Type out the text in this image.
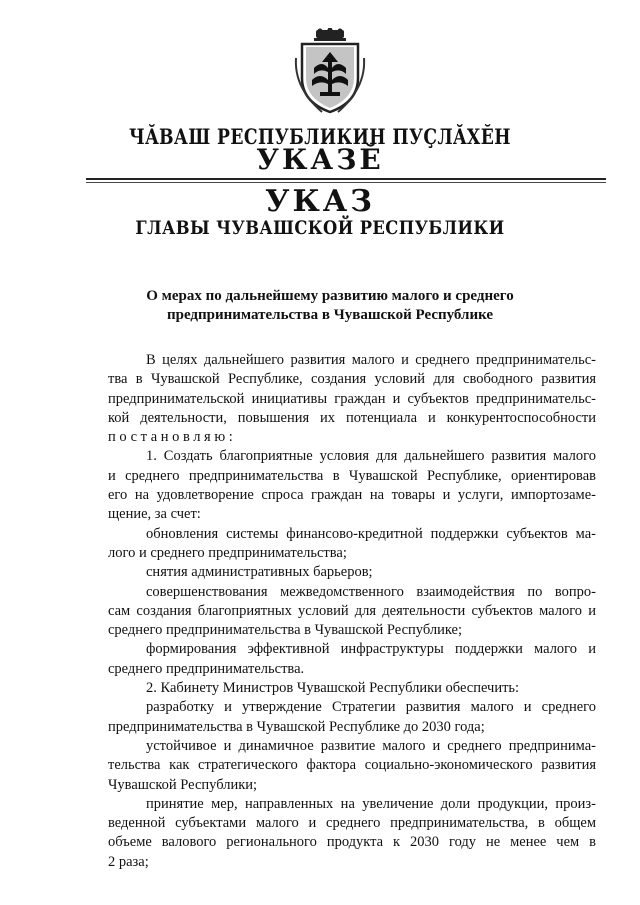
ЧĂВАШ РЕСПУБЛИКИН ПУÇЛĂХĔН
УКАЗĔ
УКАЗ
ГЛАВЫ ЧУВАШСКОЙ РЕСПУБЛИКИ
О мерах по дальнейшему развитию малого и среднего
предпринимательства в Чувашской Республике
В целях дальнейшего развития малого и среднего предпринимательс-
тва в Чувашской Республике, создания условий для свободного развития
предпринимательской инициативы граждан и субъектов предпринимательс-
кой деятельности, повышения их потенциала и конкурентоспособности
постановляю:
1. Создать благоприятные условия для дальнейшего развития малого
и среднего предпринимательства в Чувашской Республике, ориентировав
его на удовлетворение спроса граждан на товары и услуги, импортозаме-
щение, за счет:
обновления системы финансово-кредитной поддержки субъектов ма-
лого и среднего предпринимательства;
снятия административных барьеров;
совершенствования межведомственного взаимодействия по вопро-
сам создания благоприятных условий для деятельности субъектов малого и
среднего предпринимательства в Чувашской Республике;
формирования эффективной инфраструктуры поддержки малого и
среднего предпринимательства.
2. Кабинету Министров Чувашской Республики обеспечить:
разработку и утверждение Стратегии развития малого и среднего
предпринимательства в Чувашской Республике до 2030 года;
устойчивое и динамичное развитие малого и среднего предпринима-
тельства как стратегического фактора социально-экономического развития
Чувашской Республики;
принятие мер, направленных на увеличение доли продукции, произ-
веденной субъектами малого и среднего предпринимательства, в общем
объеме валового регионального продукта к 2030 году не менее чем в
2 раза;
